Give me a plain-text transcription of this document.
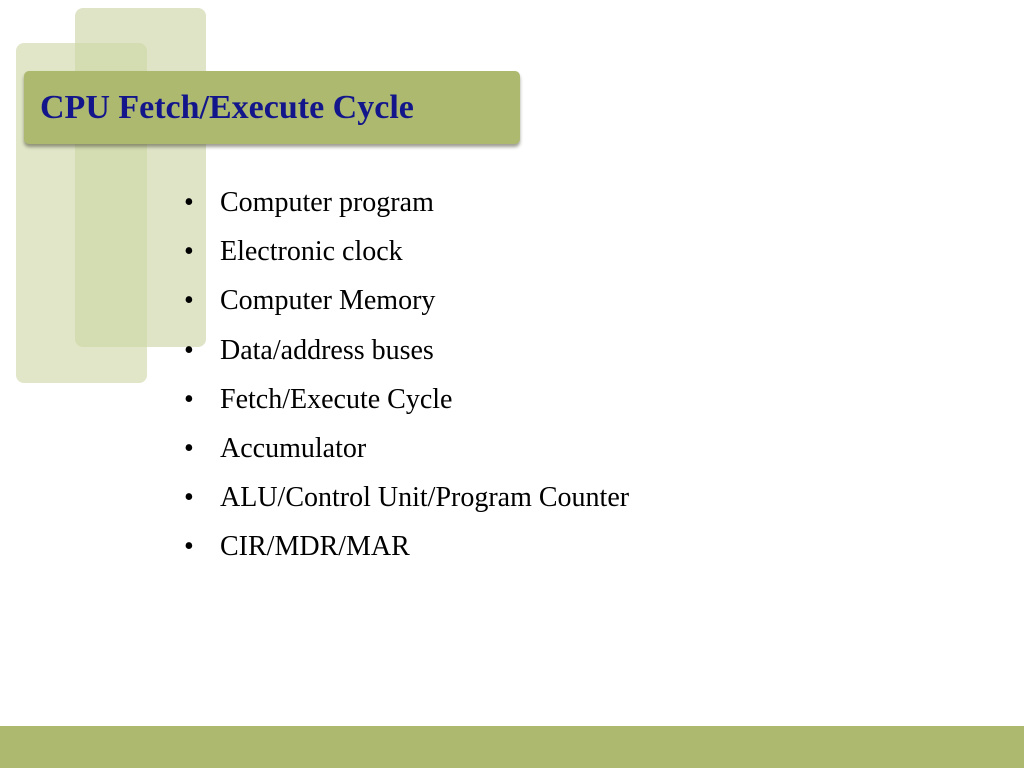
CPU Fetch/Execute Cycle
• Computer program
• Electronic clock
• Computer Memory
• Data/address buses
• Fetch/Execute Cycle
• Accumulator
• ALU/Control Unit/Program Counter
• CIR/MDR/MAR
